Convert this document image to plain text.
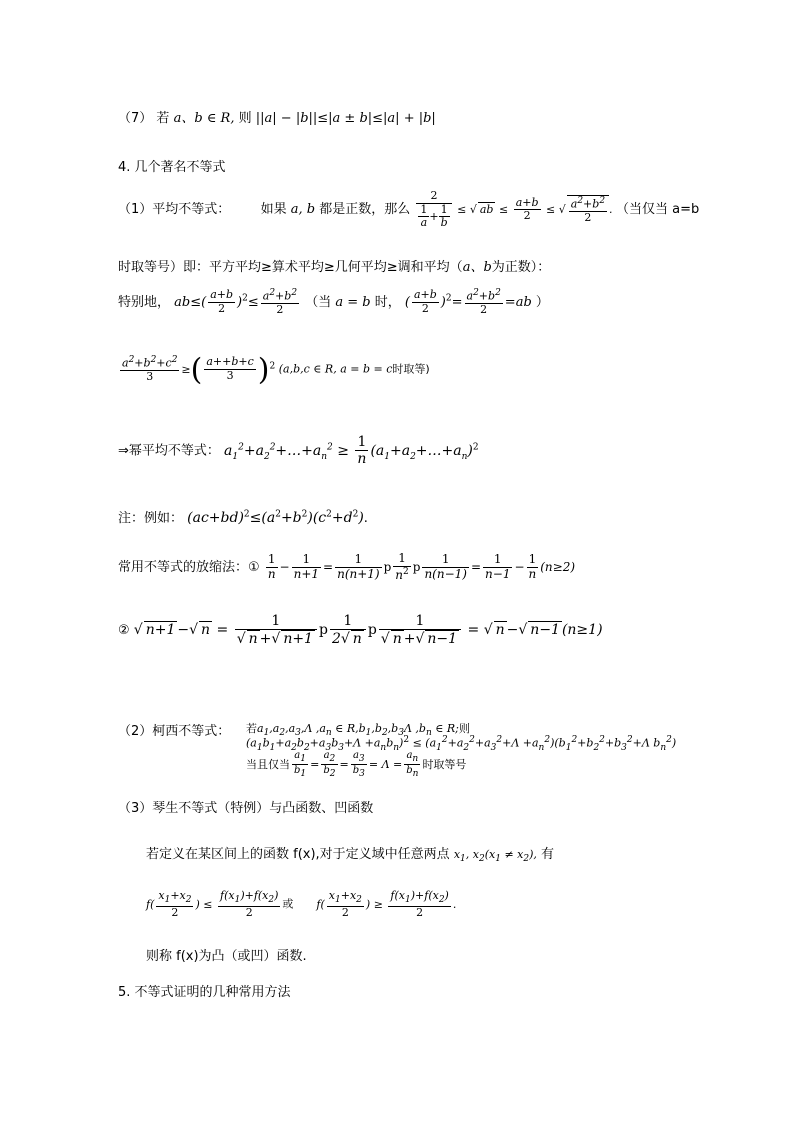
（7） 若 a、b ∈ R, 则 ||a| − |b||≤|a ± b|≤|a| + |b|
4. 几个著名不等式
（1）平均不等式： 如果 a, b 都是正数，那么 $\frac{2}{\frac{1}{a} + \frac{1}{b}}$ ≤ √ ab ≤ $\frac{a+b}{2}$ ≤ √ $\frac{a^2+b^2}{2}$ . （当仅当 a=b
时取等号）即：平方平均≥算术平均≥几何平均≥调和平均（a、b为正数）：
特别地， $ab\le( \frac{a+b}{2} )^2\le \frac{a^2+b^2}{2}$ （当 a = b 时， ( $\frac{a+b}{2} )^2= \frac{a^2+b^2}{2} =ab$ ）
$\frac{a^2+b^2+c^2}{3}$ ≥( $\frac{a++b+c}{3} )^2$ (a,b,c ∈ R, a = b = c时取等)
⇒幂平均不等式： $a_1^2+a_2^2+\dots+a_n^2 \ge \frac{1}{n}$ $(a_1+a_2+\dots+a_n)^2$
注：例如： $(ac+bd)^2\le(a^2+b^2)(c^2+d^2)$.
常用不等式的放缩法：① $\frac{1}{n} - \frac{1}{n+1} = \frac{1}{n(n+1)}$ p $\frac{1}{n^2}$ p $\frac{1}{n(n-1)} = \frac{1}{n-1} - \frac{1}{n} (n\ge 2)$
② √ n+1 −√ $n = \frac{1}{√ n +√ n+1}$ p $\frac{1}{2√ n}$ p $\frac{1}{√ n +√ n-1}$ = √ n −√ n−1 (n≥1)
（2）柯西不等式： 若$a_1,a_2,a_3,\Lambda$ $,a_n$ ∈ $R,b_1,b_2,b_3\Lambda$ $,b_n$ ∈ R;则
$(a_1b_1+a_2b_2+a_3b_3+\Lambda +a_nb_n)^2 \le (a_1^2+a_2^2+a_3^2+\Lambda +a_n^2)(b_1^2+b_2^2+b_3^2+\Lambda$ $b_n^2$)
当且仅当 $\frac{a_1}{b_1} = \frac{a_2}{b_2} = \frac{a_3}{b_3} = \Lambda = \frac{a_n}{b_n}$ 时取等号
（3）琴生不等式（特例）与凸函数、凹函数
若定义在某区间上的函数 f(x),对于定义域中任意两点 $x_1$, $x_2(x_1 \ne x_2)$, 有
$f( \frac{x_1+x_2}{2}$ ) ≤ $\frac{f(x_1)+f(x_2)}{2}$ 或 $f( \frac{x_1+x_2}{2}$ ) ≥ $\frac{f(x_1)+f(x_2)}{2}$ .
则称 f(x)为凸（或凹）函数.
5. 不等式证明的几种常用方法
